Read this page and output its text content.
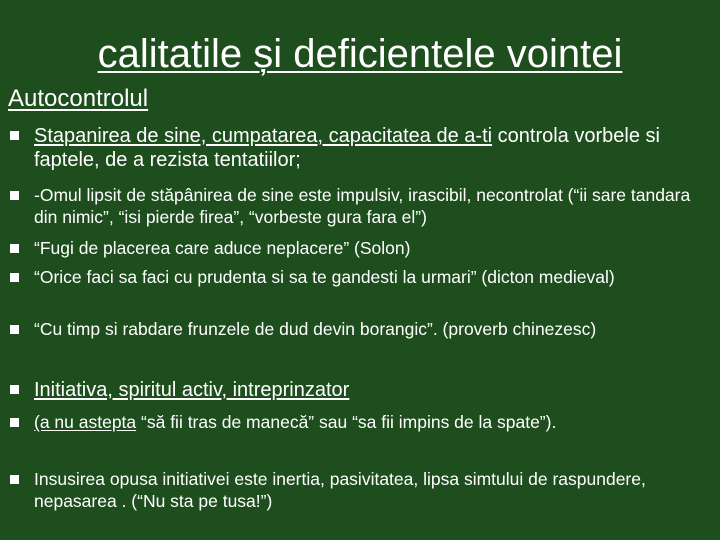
calitatile și deficientele vointei
Autocontrolul
Stapanirea de sine, cumpatarea, capacitatea de a-ti controla vorbele si faptele, de a rezista tentatiilor;
-Omul lipsit de stăpânirea de sine este impulsiv, irascibil, necontrolat (“ii sare tandara din nimic”, “isi pierde firea”, “vorbeste gura fara el”)
“Fugi de placerea care aduce neplacere” (Solon)
“Orice faci sa faci cu prudenta si sa te gandesti la urmari” (dicton medieval)
“Cu timp si rabdare frunzele de dud devin borangic”. (proverb chinezesc)
Initiativa, spiritul activ, intreprinzator
(a nu astepta “să fii tras de manecă” sau “sa fii impins de la spate”).
Insusirea opusa initiativei este inertia, pasivitatea, lipsa simtului de raspundere, nepasarea . (“Nu sta pe tusa!”)
